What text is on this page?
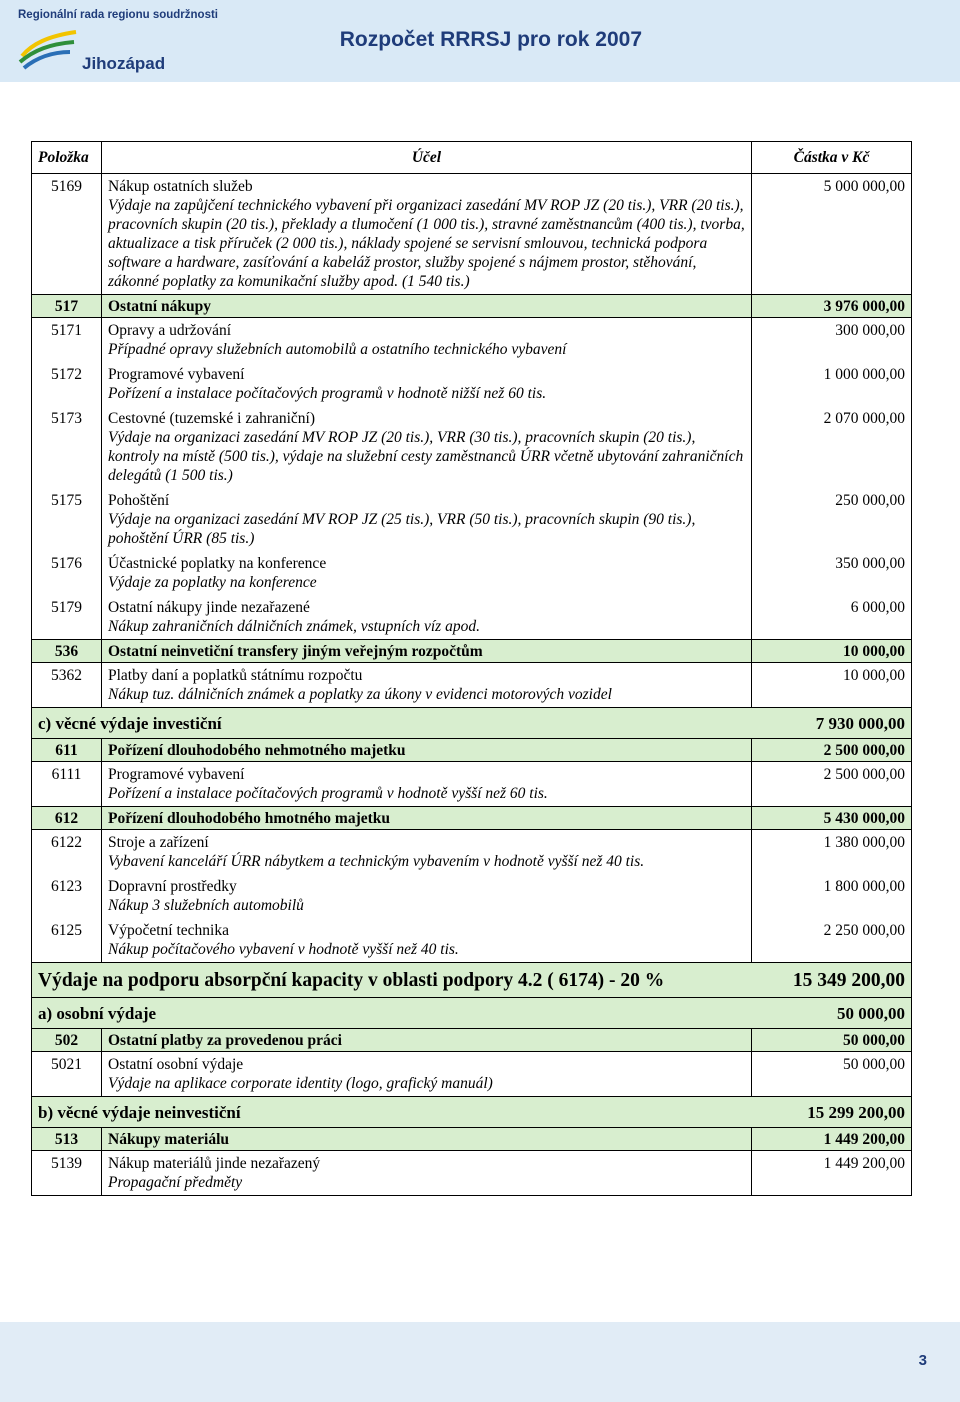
Regionální rada regionu soudržnosti
Jihozápad
Rozpočet RRRSJ pro rok 2007
Položka	Účel	Částka v Kč
5169	Nákup ostatních služeb	5 000 000,00
	Výdaje na zapůjčení technického vybavení při organizaci zasedání MV ROP JZ (20 tis.), VRR (20 tis.), pracovních skupin (20 tis.), překlady a tlumočení (1 000 tis.), stravné zaměstnancům (400 tis.), tvorba, aktualizace a tisk příruček (2 000 tis.), náklady spojené se servisní smlouvou, technická podpora software a hardware, zasíťování a kabeláž prostor, služby spojené s nájmem prostor, stěhování, zákonné poplatky za komunikační služby apod. (1 540 tis.)	
517	Ostatní nákupy	3 976 000,00
5171	Opravy a udržování	300 000,00
	Případné opravy služebních automobilů a ostatního technického vybavení	
5172	Programové vybavení	1 000 000,00
	Pořízení a instalace počítačových programů v hodnotě nižší než 60 tis.	
5173	Cestovné (tuzemské i zahraniční)	2 070 000,00
	Výdaje na organizaci zasedání MV ROP JZ (20 tis.), VRR (30 tis.), pracovních skupin (20 tis.), kontroly na místě (500 tis.), výdaje na služební cesty zaměstnanců ÚRR včetně ubytování zahraničních delegátů (1 500 tis.)	
5175	Pohoštění	250 000,00
	Výdaje na organizaci zasedání MV ROP JZ (25 tis.), VRR (50 tis.), pracovních skupin (90 tis.), pohoštění ÚRR (85 tis.)	
5176	Účastnické poplatky na konference	350 000,00
	Výdaje za poplatky na konference	
5179	Ostatní nákupy jinde nezařazené	6 000,00
	Nákup zahraničních dálničních známek, vstupních víz apod.	
536	Ostatní neinvetiční transfery jiným veřejným rozpočtům	10 000,00
5362	Platby daní a poplatků státnímu rozpočtu	10 000,00
	Nákup tuz. dálničních známek a poplatky za úkony v evidenci motorových vozidel	
c) věcné výdaje investiční		7 930 000,00
611	Pořízení dlouhodobého nehmotného majetku	2 500 000,00
6111	Programové vybavení	2 500 000,00
	Pořízení a instalace počítačových programů v hodnotě vyšší než 60 tis.	
612	Pořízení dlouhodobého hmotného majetku	5 430 000,00
6122	Stroje a zařízení	1 380 000,00
	Vybavení kanceláří ÚRR nábytkem a technickým vybavením v hodnotě vyšší než 40 tis.	
6123	Dopravní prostředky	1 800 000,00
	Nákup 3 služebních automobilů	
6125	Výpočetní technika	2 250 000,00
	Nákup počítačového vybavení v hodnotě vyšší než 40 tis.	
Výdaje na podporu absorpční kapacity v oblasti podpory 4.2 ( 6174) - 20 %		15 349 200,00
a) osobní výdaje		50 000,00
502	Ostatní platby za provedenou práci	50 000,00
5021	Ostatní osobní výdaje	50 000,00
	Výdaje na aplikace corporate identity (logo, grafický manuál)	
b) věcné výdaje neinvestiční		15 299 200,00
513	Nákupy materiálu	1 449 200,00
5139	Nákup materiálů jinde nezařazený	1 449 200,00
	Propagační předměty	
3
